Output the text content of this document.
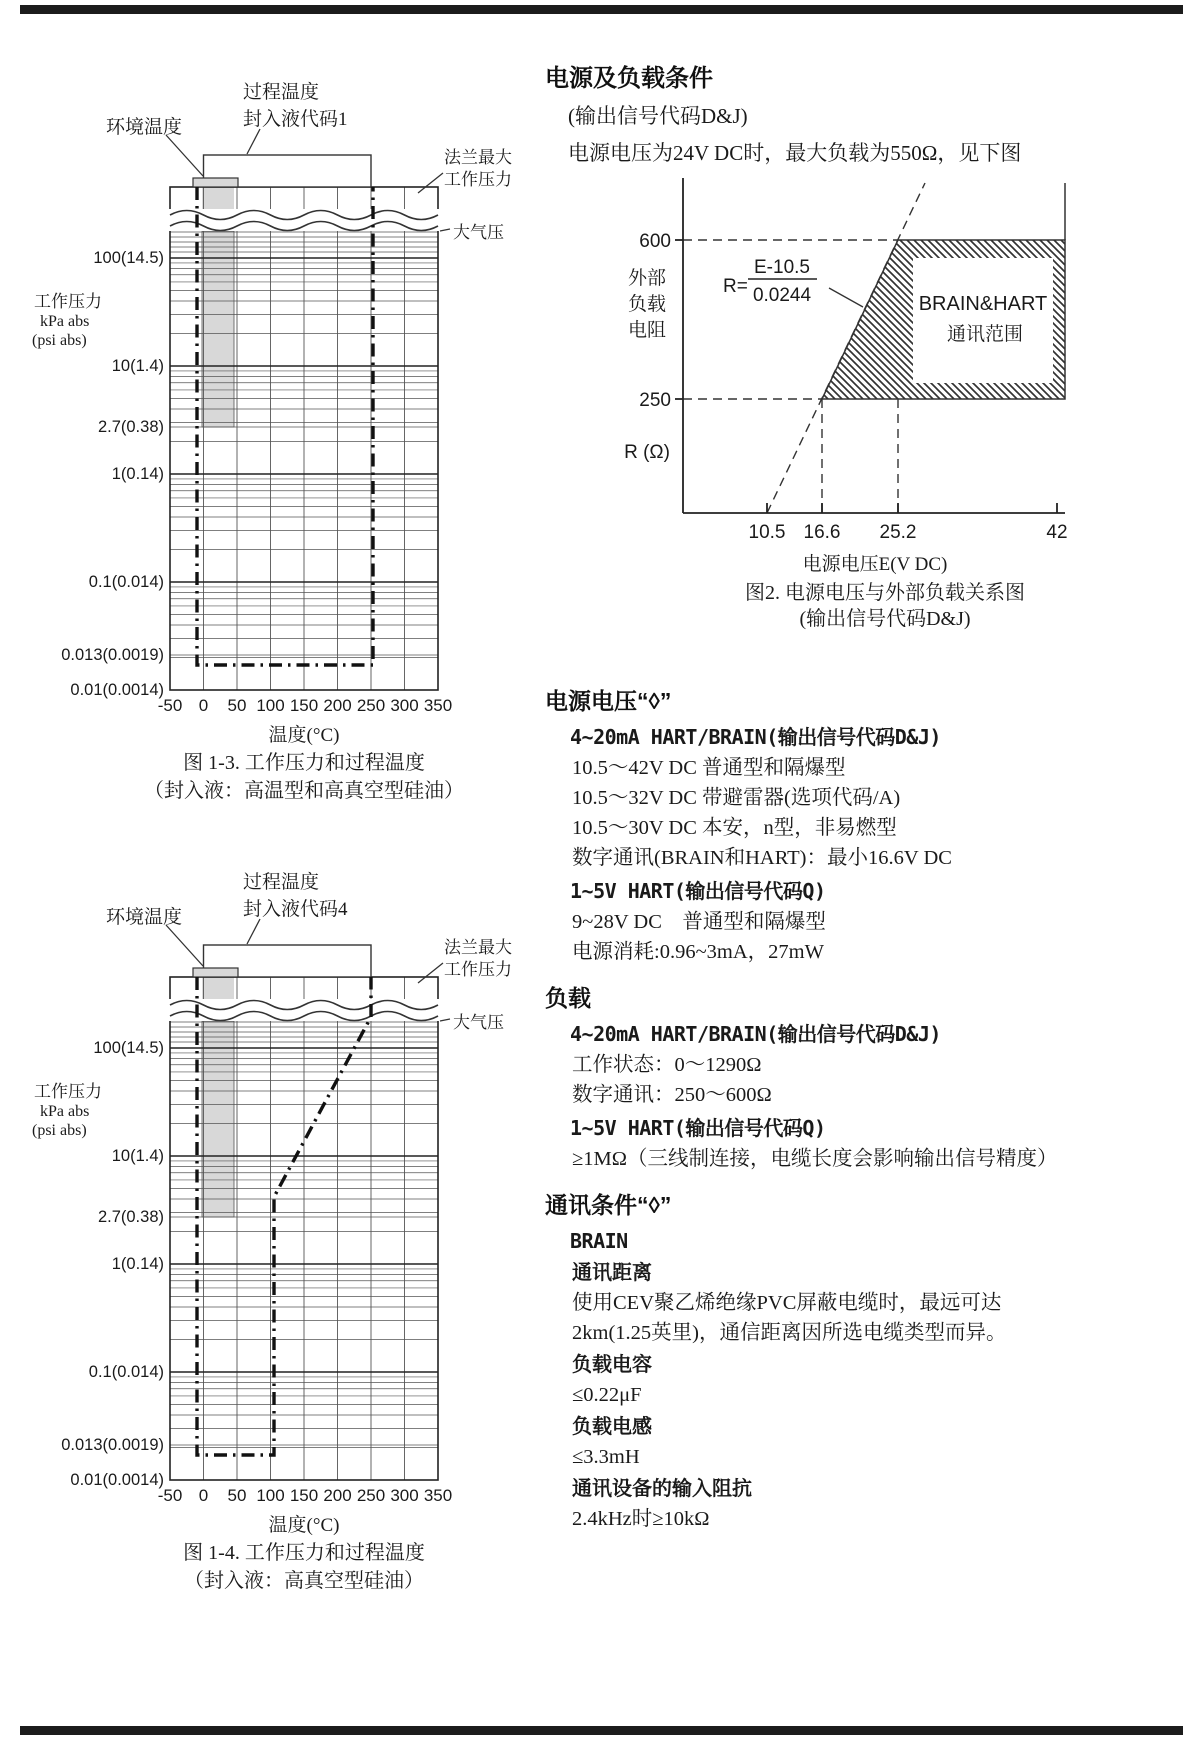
过程温度
封入液代码1
环境温度
法兰最大
工作压力
大气压
100(14.5)
10(1.4)
2.7(0.38)
1(0.14)
0.1(0.014)
0.013(0.0019)
0.01(0.0014)
工作压力
kPa abs
(psi abs)
-50 0 50 100 150 200 250 300 350
温度(°C)
图 1-3. 工作压力和过程温度
（封入液：高温型和高真空型硅油）
过程温度
封入液代码4
环境温度
法兰最大
工作压力
大气压
100(14.5)
10(1.4)
2.7(0.38)
1(0.14)
0.1(0.014)
0.013(0.0019)
0.01(0.0014)
工作压力
kPa abs
(psi abs)
-50 0 50 100 150 200 250 300 350
温度(°C)
图 1-4. 工作压力和过程温度
（封入液：高真空型硅油）
BRAIN&HART
通讯范围
R=
E-10.5
0.0244
600
250
外部
负载
电阻
R (Ω)
10.5 16.6 25.2	42
电源电压E(V DC)
图2. 电源电压与外部负载关系图
(输出信号代码D&J)
电源及负载条件

(输出信号代码D&J)

电源电压为24V DC时，最大负载为550Ω，见下图

电源电压“◊”

4~20mA HART/BRAIN(输出信号代码D&J)

10.5～42V DC 普通型和隔爆型

10.5～32V DC 带避雷器(选项代码/A)

10.5～30V DC 本安，n型，非易燃型

数字通讯(BRAIN和HART)：最小16.6V DC

1~5V HART(输出信号代码Q)

9~28V DC　普通型和隔爆型

电源消耗:0.96~3mA，27mW

负载

4~20mA HART/BRAIN(输出信号代码D&J)

工作状态：0～1290Ω

数字通讯：250～600Ω

1~5V HART(输出信号代码Q)

≥1MΩ（三线制连接，电缆长度会影响输出信号精度）

通讯条件“◊”

BRAIN

通讯距离

使用CEV聚乙烯绝缘PVC屏蔽电缆时，最远可达

2km(1.25英里)，通信距离因所选电缆类型而异。

负载电容

≤0.22μF

负载电感

≤3.3mH

通讯设备的输入阻抗

2.4kHz时≥10kΩ
